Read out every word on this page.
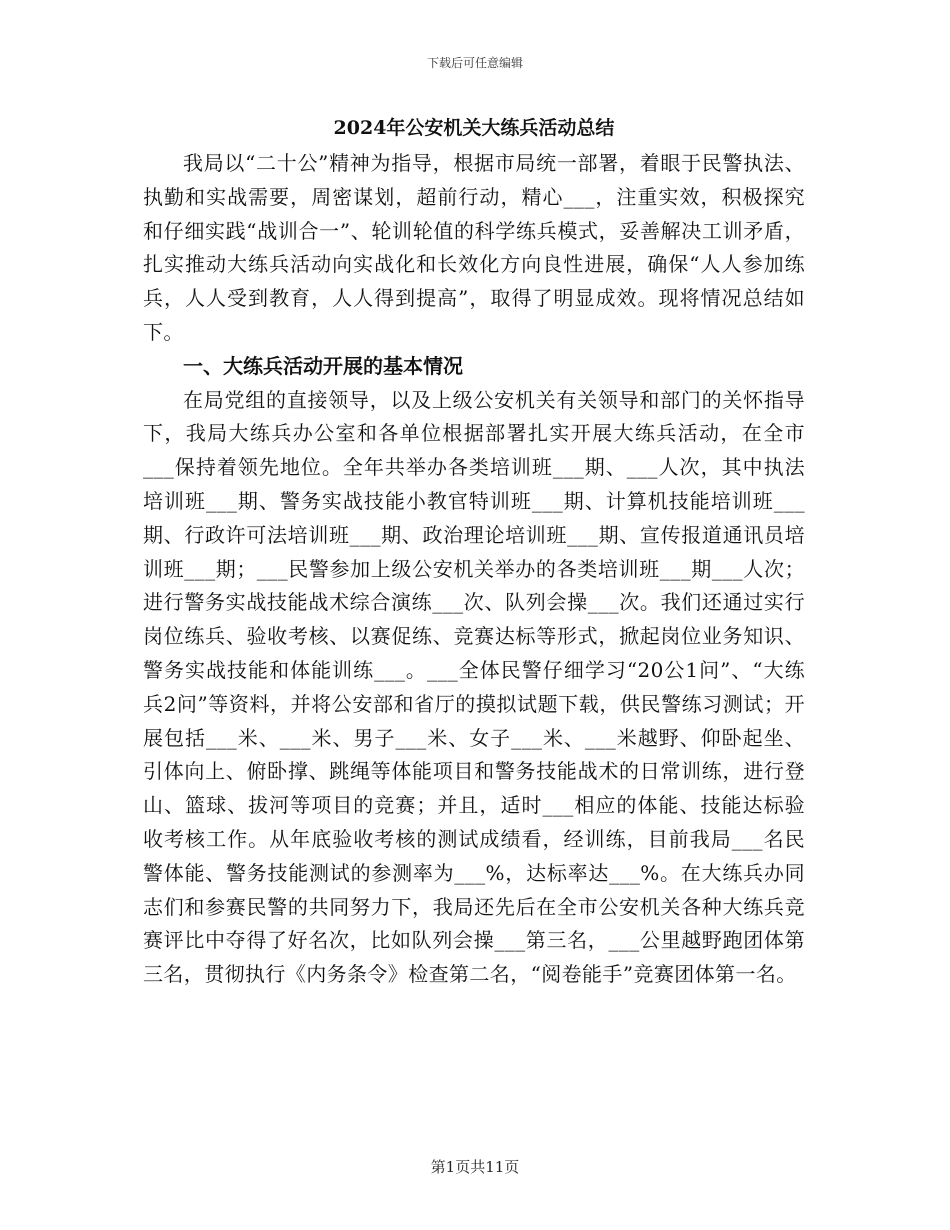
下载后可任意编辑
2024年公安机关大练兵活动总结

我局以“二十公”精神为指导，根据市局统一部署，着眼于民警执法、执勤和实战需要，周密谋划，超前行动，精心___，注重实效，积极探究和仔细实践“战训合一”、轮训轮值的科学练兵模式，妥善解决工训矛盾，扎实推动大练兵活动向实战化和长效化方向良性进展，确保“人人参加练兵，人人受到教育，人人得到提高”，取得了明显成效。现将情况总结如下。

一、大练兵活动开展的基本情况

在局党组的直接领导，以及上级公安机关有关领导和部门的关怀指导下，我局大练兵办公室和各单位根据部署扎实开展大练兵活动，在全市___保持着领先地位。全年共举办各类培训班___期、___人次，其中执法培训班___期、警务实战技能小教官特训班___期、计算机技能培训班___期、行政许可法培训班___期、政治理论培训班___期、宣传报道通讯员培训班___期；___民警参加上级公安机关举办的各类培训班___期___人次；进行警务实战技能战术综合演练___次、队列会操___次。我们还通过实行岗位练兵、验收考核、以赛促练、竞赛达标等形式，掀起岗位业务知识、警务实战技能和体能训练___。___全体民警仔细学习“20公1问”、“大练兵2问”等资料，并将公安部和省厅的摸拟试题下载，供民警练习测试；开展包括___米、___米、男子___米、女子___米、___米越野、仰卧起坐、引体向上、俯卧撑、跳绳等体能项目和警务技能战术的日常训练，进行登山、篮球、拔河等项目的竞赛；并且，适时___相应的体能、技能达标验收考核工作。从年底验收考核的测试成绩看，经训练，目前我局___名民警体能、警务技能测试的参测率为___%，达标率达___%。在大练兵办同志们和参赛民警的共同努力下，我局还先后在全市公安机关各种大练兵竞赛评比中夺得了好名次，比如队列会操___第三名，___公里越野跑团体第三名，贯彻执行《内务条令》检查第二名，“阅卷能手”竞赛团体第一名。

第1页共11页
